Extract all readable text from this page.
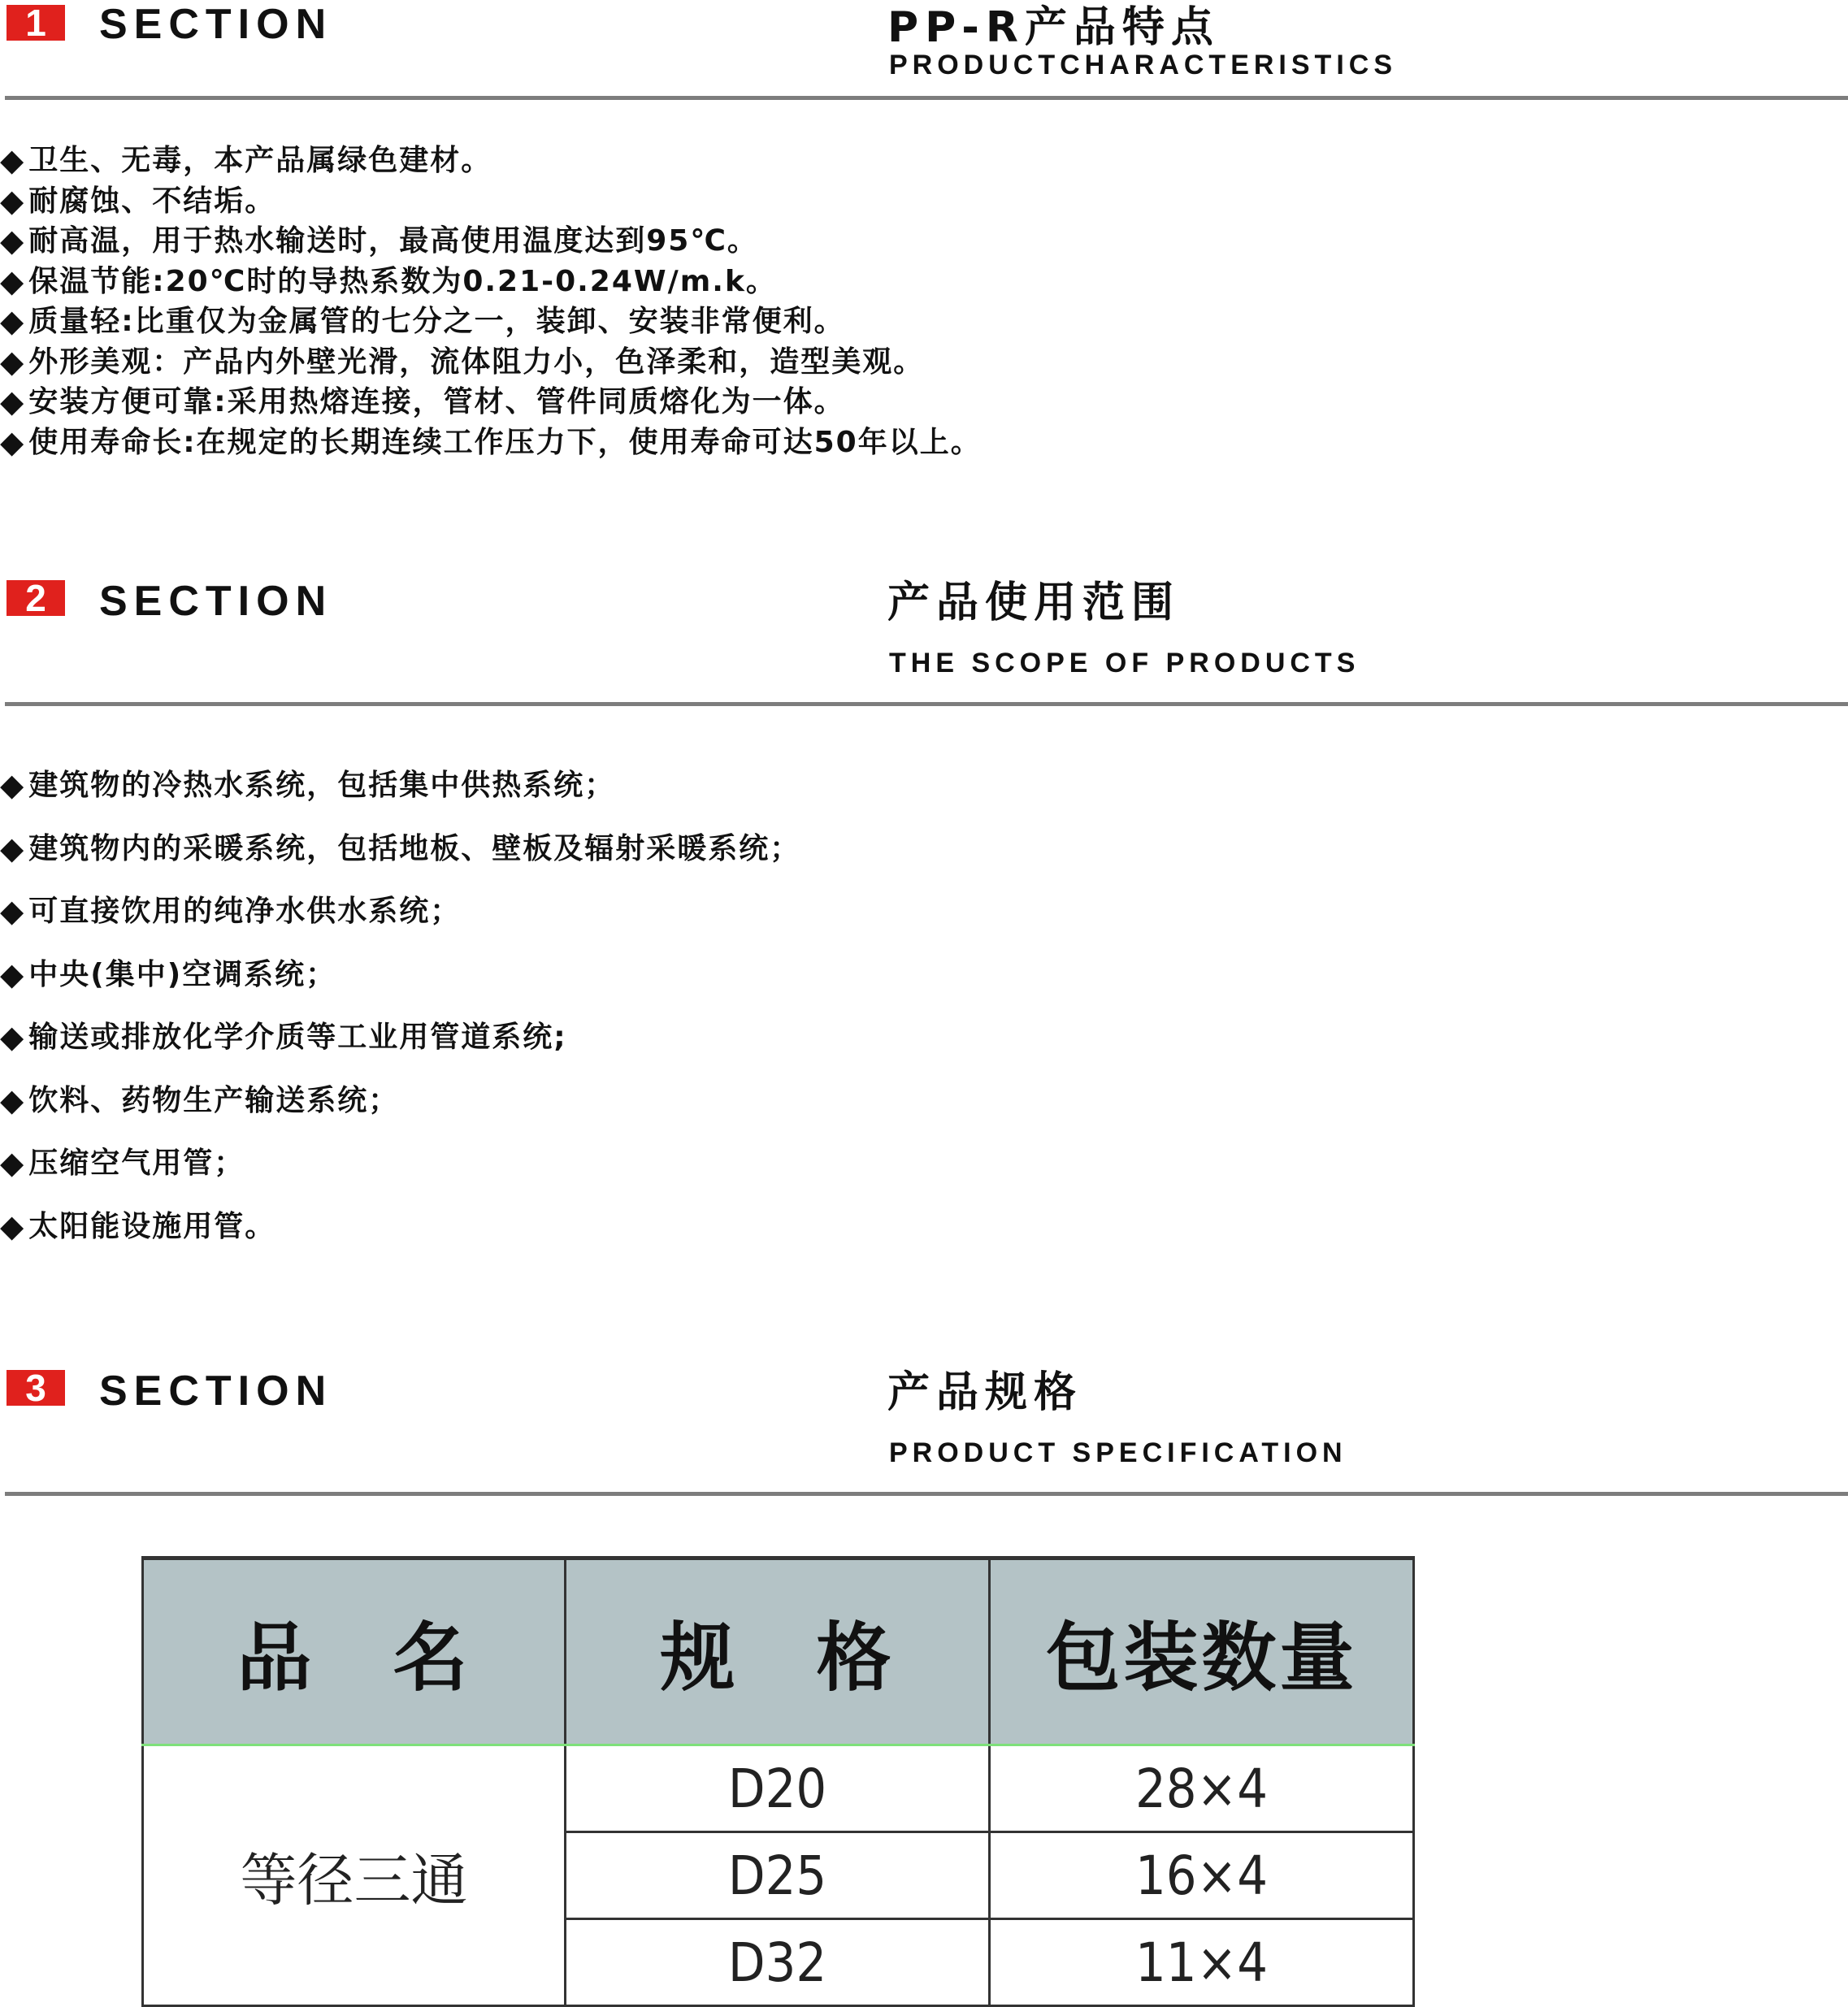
1	SECTION	PP-R产品特点
PRODUCTCHARACTERISTICS
◆ 卫生、无毒，本产品属绿色建材。
◆ 耐腐蚀、不结垢。
◆ 耐高温，用于热水输送时，最高使用温度达到95℃。
◆ 保温节能:20℃时的导热系数为0.21-0.24W/m.k。
◆ 质量轻:比重仅为金属管的七分之一，装卸、安装非常便利。
◆ 外形美观：产品内外壁光滑，流体阻力小，色泽柔和，造型美观。
◆ 安装方便可靠:采用热熔连接，管材、管件同质熔化为一体。
◆ 使用寿命长:在规定的长期连续工作压力下，使用寿命可达50年以上。
2	SECTION	产品使用范围
THE SCOPE OF PRODUCTS
◆ 建筑物的冷热水系统，包括集中供热系统；
◆ 建筑物内的采暖系统，包括地板、壁板及辐射采暖系统；
◆ 可直接饮用的纯净水供水系统；
◆ 中央(集中)空调系统；
◆ 输送或排放化学介质等工业用管道系统;
◆ 饮料、药物生产输送系统；
◆ 压缩空气用管；
◆ 太阳能设施用管。
3	SECTION	产品规格
PRODUCT SPECIFICATION
品　名	规　格	包装数量
等径三通	D20	28×4
	D25	16×4
	D32	11×4
